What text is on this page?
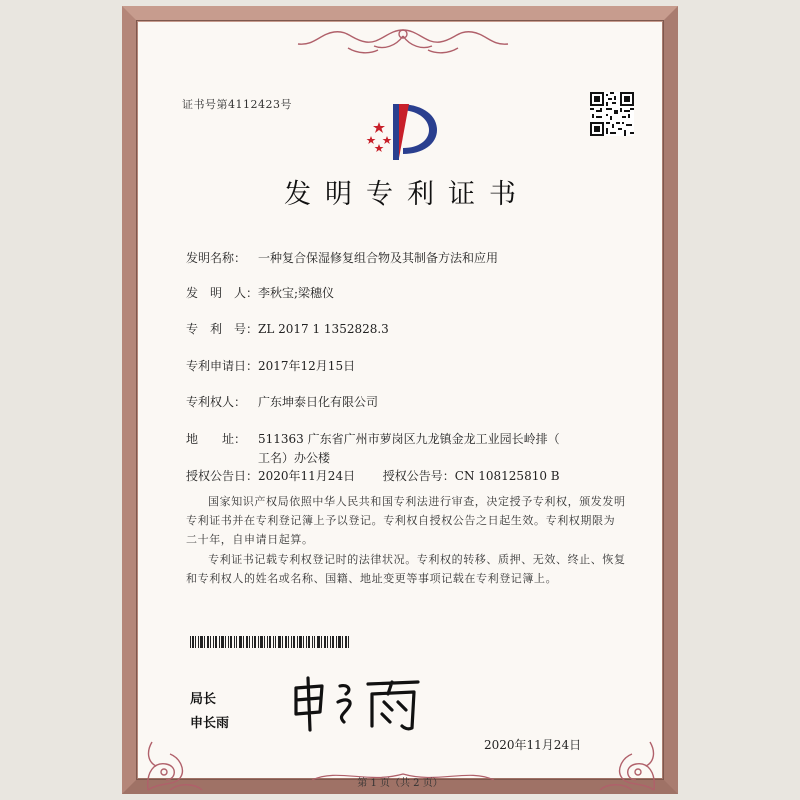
证书号第4112423号
发明专利证书
发明名称： 一种复合保湿修复组合物及其制备方法和应用
发　明　人：李秋宝;梁穗仪
专　利　号：ZL 2017 1 1352828.3
专利申请日：2017年12月15日
专利权人： 广东坤泰日化有限公司
地　　址： 511363 广东省广州市萝岗区九龙镇金龙工业园长岭排（
工名）办公楼
授权公告日：2020年11月24日 授权公告号：CN 108125810 B
国家知识产权局依照中华人民共和国专利法进行审查，决定授予专利权，颁发发明专利证书并在专利登记簿上予以登记。专利权自授权公告之日起生效。专利权期限为二十年，自申请日起算。
专利证书记载专利权登记时的法律状况。专利权的转移、质押、无效、终止、恢复和专利权人的姓名或名称、国籍、地址变更等事项记载在专利登记簿上。
局长
申长雨
2020年11月24日
第 1 页（共 2 页）
